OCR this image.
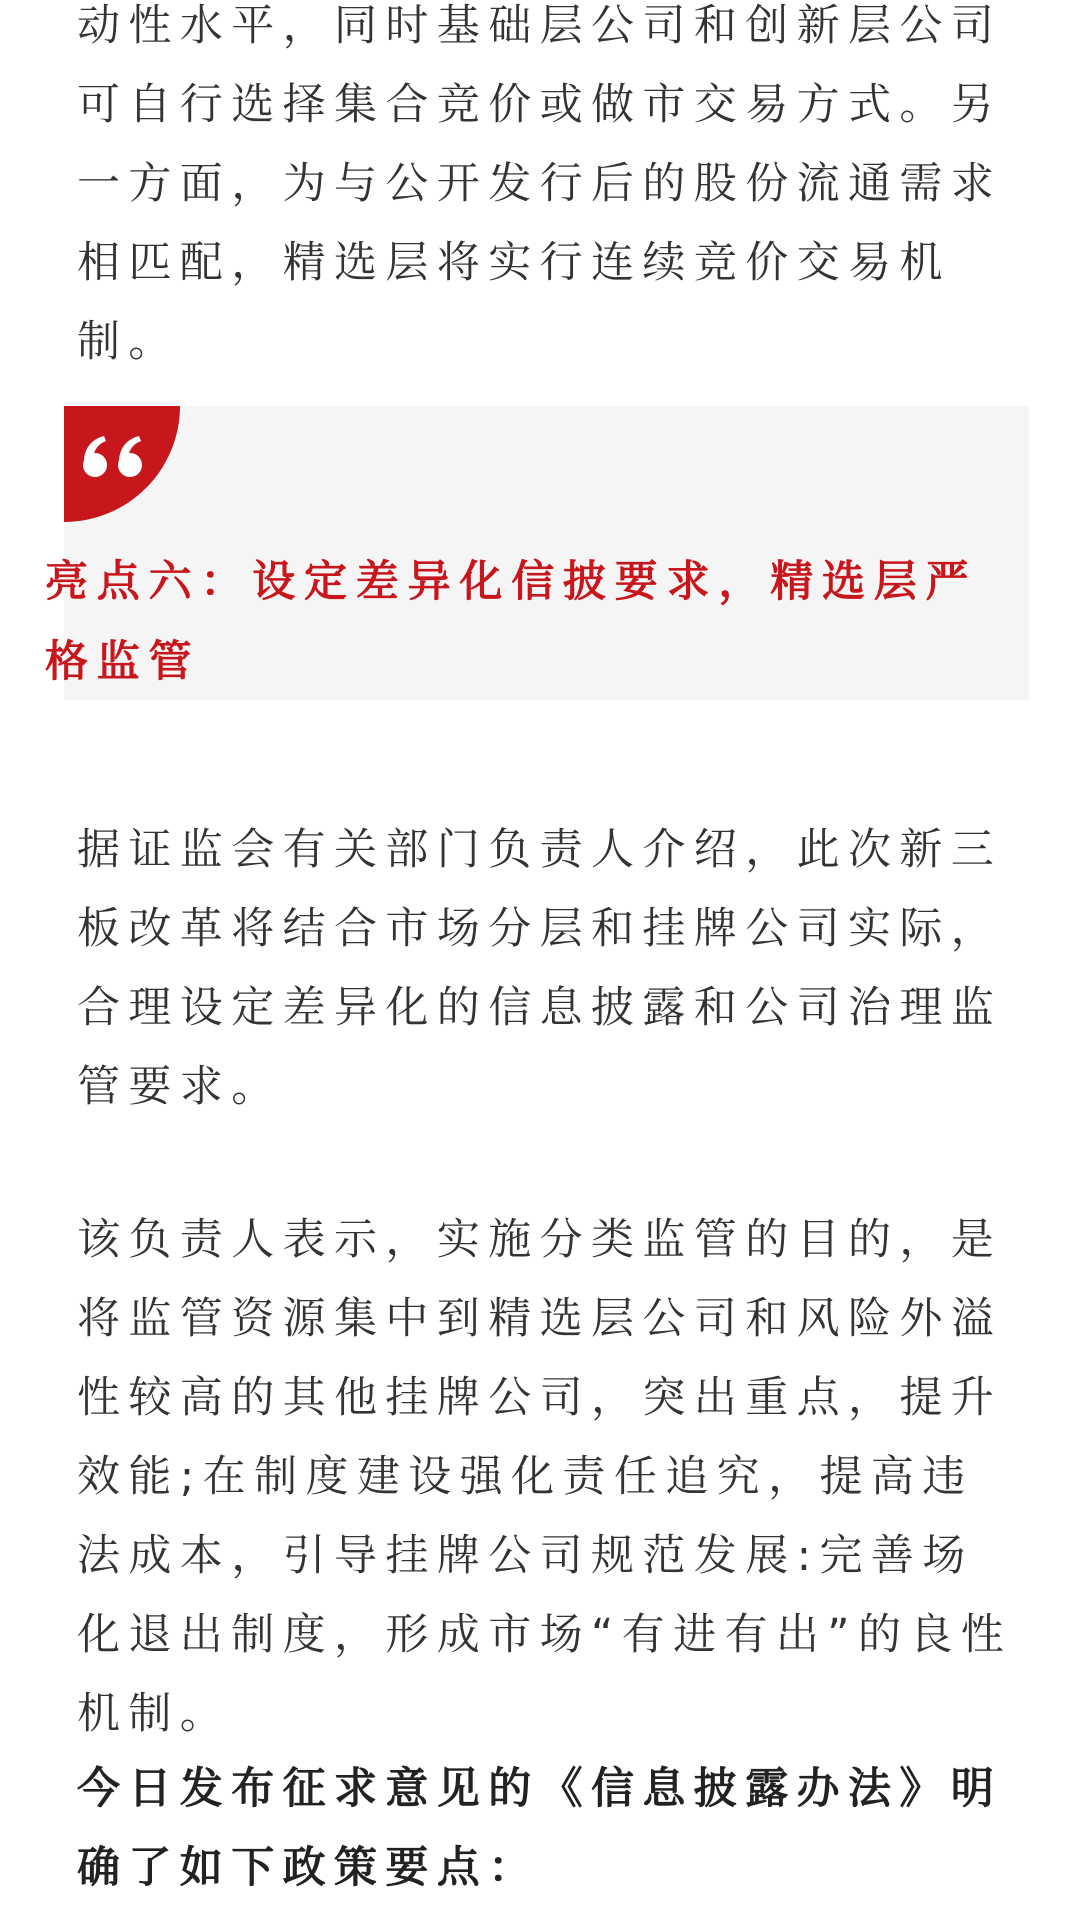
动性水平，同时基础层公司和创新层公司可自行选择集合竞价或做市交易方式。另一方面，为与公开发行后的股份流通需求相匹配，精选层将实行连续竞价交易机制。

亮点六：设定差异化信披要求，精选层严格监管

据证监会有关部门负责人介绍，此次新三板改革将结合市场分层和挂牌公司实际，合理设定差异化的信息披露和公司治理监管要求。

该负责人表示，实施分类监管的目的，是将监管资源集中到精选层公司和风险外溢性较高的其他挂牌公司，突出重点，提升效能;在制度建设强化责任追究，提高违法成本，引导挂牌公司规范发展:完善场化退出制度，形成市场“有进有出”的良性机制。

今日发布征求意见的《信息披露办法》明确了如下政策要点：
